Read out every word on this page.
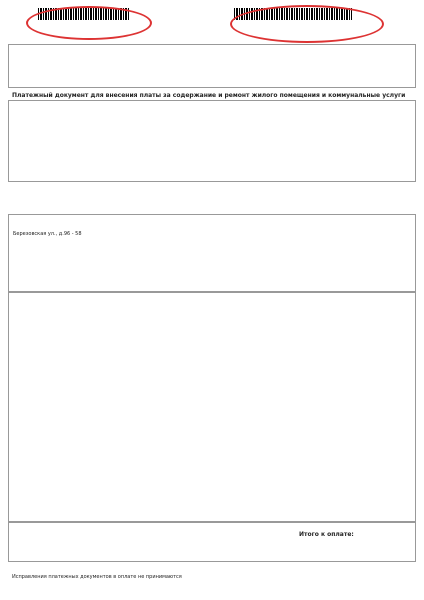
Платежный документ для внесения платы за содержание и ремонт жилого помещения и коммунальные услуги
Березовская ул., д.96 - 58
Итого к оплате:
Исправления платежных документов в оплате не принимаются
